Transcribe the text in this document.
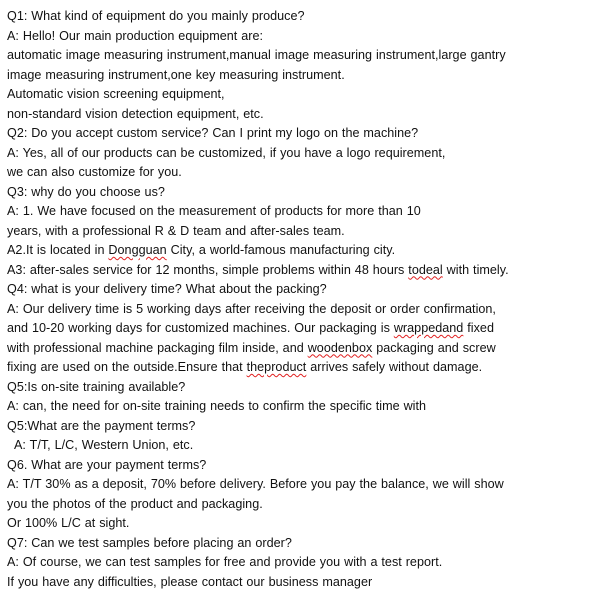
Q1: What kind of equipment do you mainly produce?
A: Hello! Our main production equipment are:
automatic image measuring instrument,manual image measuring instrument,large gantry
image measuring instrument,one key measuring instrument.
Automatic vision screening equipment,
non-standard vision detection equipment, etc.
Q2: Do you accept custom service? Can I print my logo on the machine?
A: Yes, all of our products can be customized, if you have a logo requirement,
we can also customize for you.
Q3: why do you choose us?
A: 1. We have focused on the measurement of products for more than 10
years, with a professional R & D team and after-sales team.
A2.It is located in Dongguan City, a world-famous manufacturing city.
A3: after-sales service for 12 months, simple problems within 48 hours todeal with timely.
Q4: what is your delivery time? What about the packing?
A: Our delivery time is 5 working days after receiving the deposit or order confirmation,
and 10-20 working days for customized machines. Our packaging is wrappedand fixed
with professional machine packaging film inside, and woodenbox packaging and screw
fixing are used on the outside.Ensure that theproduct arrives safely without damage.
Q5:Is on-site training available?
A: can, the need for on-site training needs to confirm the specific time with
Q5:What are the payment terms?
A: T/T, L/C, Western Union, etc.
Q6. What are your payment terms?
A: T/T 30% as a deposit, 70% before delivery. Before you pay the balance, we will show
you the photos of the product and packaging.
Or 100% L/C at sight.
Q7: Can we test samples before placing an order?
A: Of course, we can test samples for free and provide you with a test report.
If you have any difficulties, please contact our business manager
